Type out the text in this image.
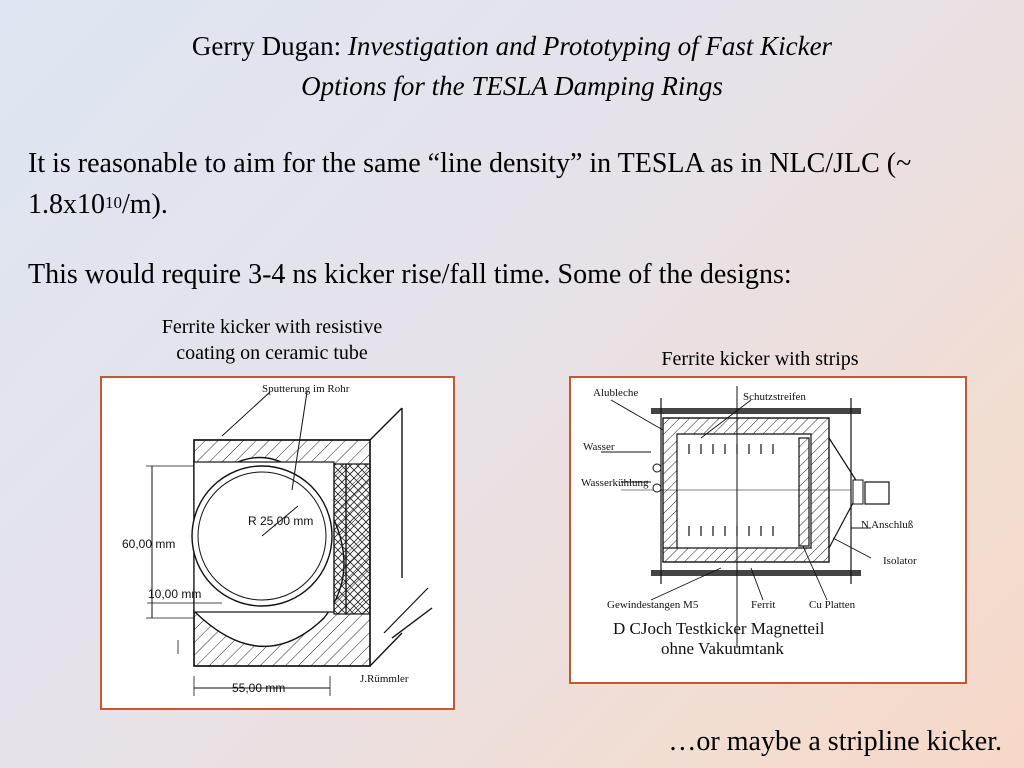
Gerry Dugan: Investigation and Prototyping of Fast Kicker
Options for the TESLA Damping Rings
It is reasonable to aim for the same “line density” in TESLA as in NLC/JLC (~ $1.8x10^{10}/m$).
This would require 3-4 ns kicker rise/fall time. Some of the designs:
Ferrite kicker with resistive
coating on ceramic tube	Ferrite kicker with strips
Sputterung im Rohr
R 25,00 mm
60,00 mm
10,00 mm
55,00 mm
J.Rümmler
Alubleche	Schutzstreifen
Wasser
Wasserkühlung
N Anschluß
Isolator
Gewindestangen M5	Ferrit	Cu Platten
D CJoch Testkicker Magnetteil
ohne Vakuumtank
…or maybe a stripline kicker.
